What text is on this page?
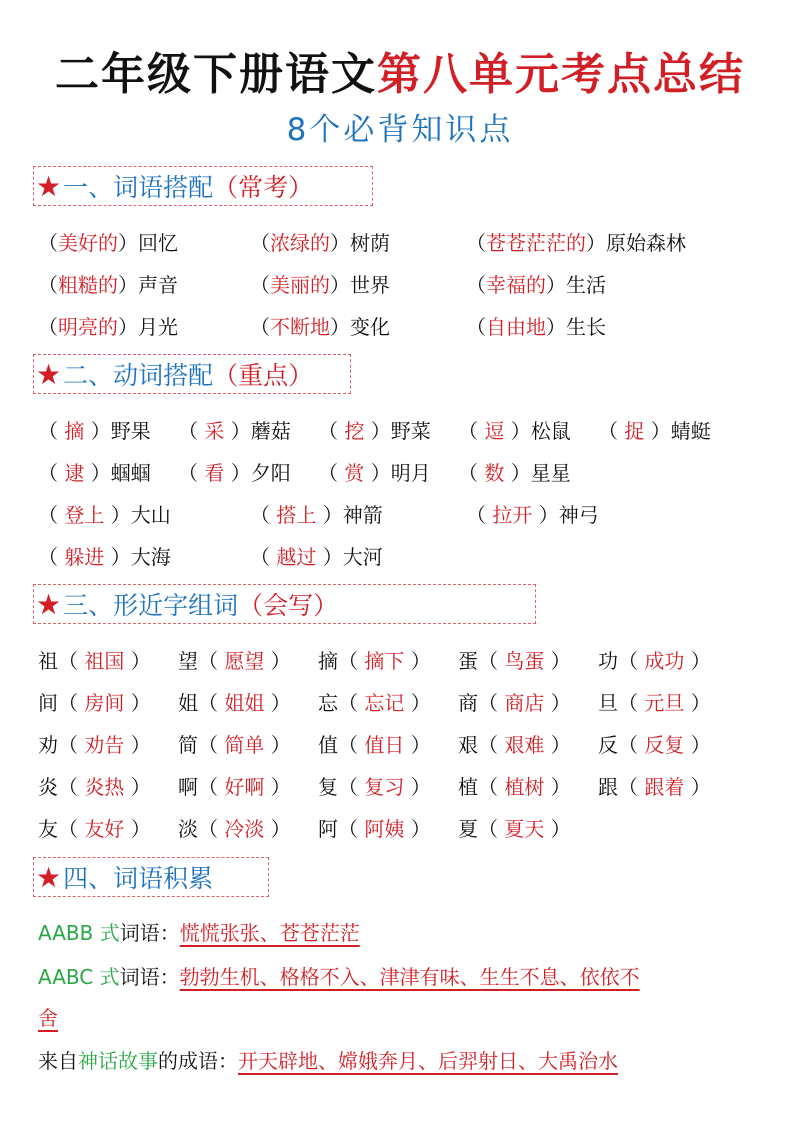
二年级下册语文第八单元考点总结
8个必背知识点
★ 一、词语搭配 （常考）
（美好的）回忆	（浓绿的）树荫	（苍苍茫茫的）原始森林
（粗糙的）声音	（美丽的）世界	（幸福的）生活
（明亮的）月光	（不断地）变化	（自由地）生长
★ 二、动词搭配 （重点）
（ 摘 ）野果 （ 采 ）蘑菇 （ 挖 ）野菜 （ 逗 ）松鼠 （ 捉 ）蜻蜓
（ 逮 ）蝈蝈 （ 看 ）夕阳 （ 赏 ）明月 （ 数 ）星星
（ 登上 ）大山	（ 搭上 ）神箭	（ 拉开 ）神弓
（ 躲进 ）大海	（ 越过 ）大河
★ 三、形近字组词 （会写）
祖（ 祖国 ） 望（ 愿望 ） 摘（ 摘下 ） 蛋（ 鸟蛋 ） 功（ 成功 ）
间（ 房间 ） 姐（ 姐姐 ） 忘（ 忘记 ） 商（ 商店 ） 旦（ 元旦 ）
劝（ 劝告 ） 简（ 简单 ） 值（ 值日 ） 艰（ 艰难 ） 反（ 反复 ）
炎（ 炎热 ） 啊（ 好啊 ） 复（ 复习 ） 植（ 植树 ） 跟（ 跟着 ）
友（ 友好 ） 淡（ 冷淡 ） 阿（ 阿姨 ） 夏（ 夏天 ）
★ 四、词语积累
AABB 式词语：慌慌张张、苍苍茫茫
AABC 式词语：勃勃生机、格格不入、津津有味、生生不息、依依不
舍
来自神话故事的成语：开天辟地、嫦娥奔月、后羿射日、大禹治水
